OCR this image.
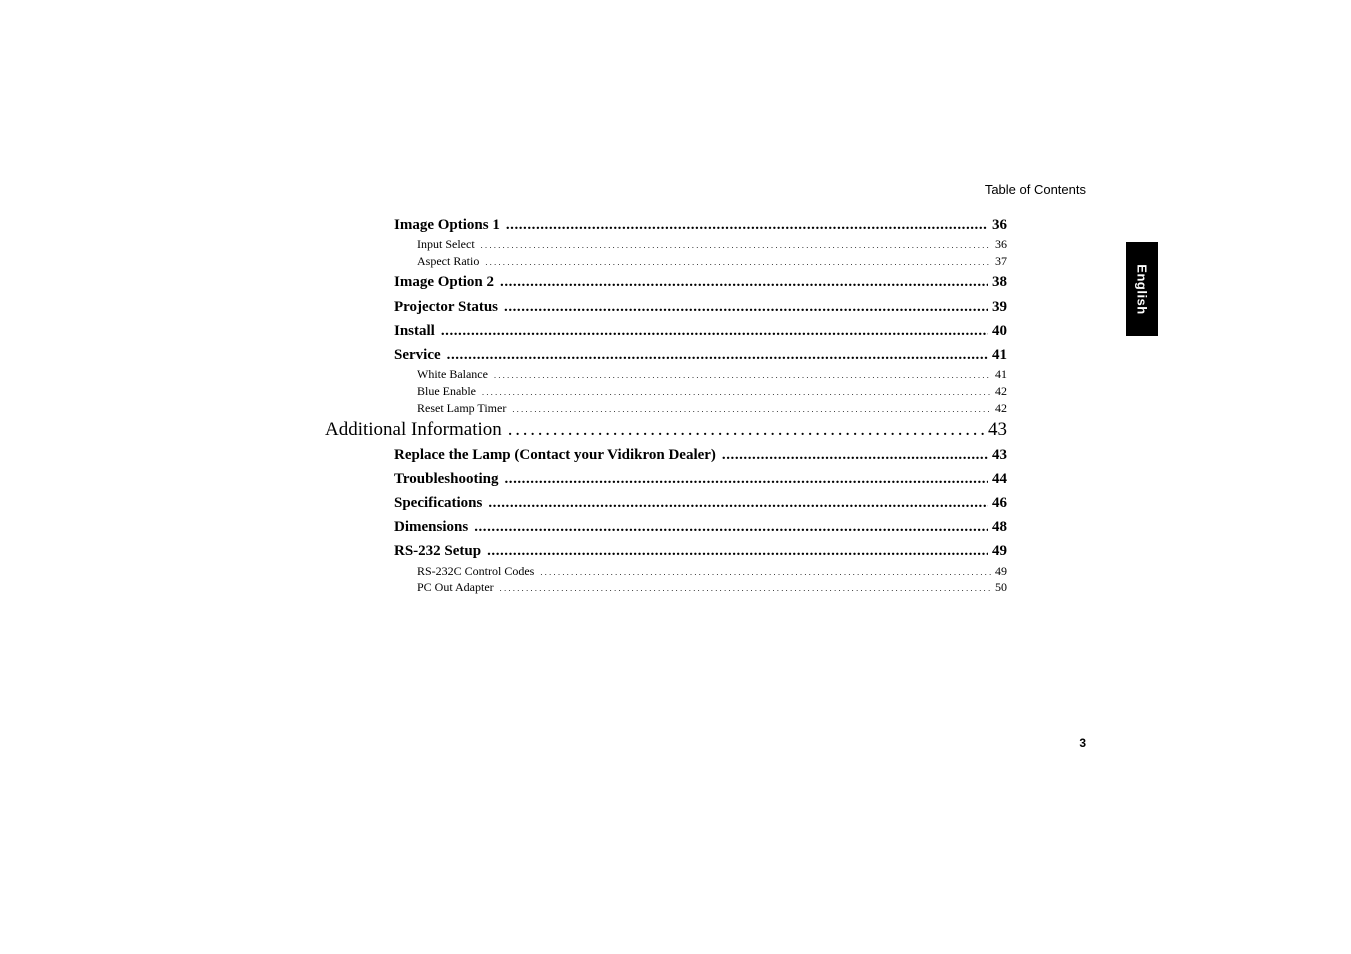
Table of Contents
English
Image Options 1 . . .	36
Input Select . . .	36
Aspect Ratio . . .	37
Image Option 2 . . .	38
Projector Status . . .	39
Install . . .	40
Service . . .	41
White Balance . . .	41
Blue Enable . . .	42
Reset Lamp Timer . . .	42
Additional Information . . .	43
Replace the Lamp (Contact your Vidikron Dealer) . . .	43
Troubleshooting . . .	44
Specifications . . .	46
Dimensions . . .	48
RS-232 Setup . . .	49
RS-232C Control Codes . . .	49
PC Out Adapter . . .	50
3
